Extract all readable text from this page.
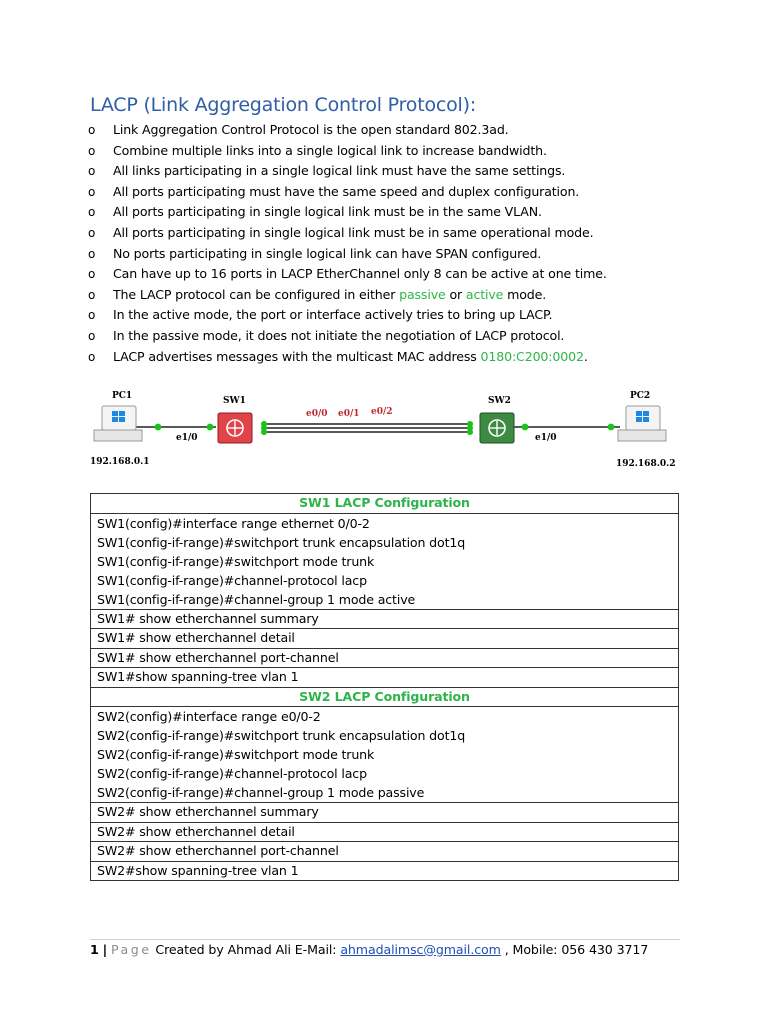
LACP (Link Aggregation Control Protocol):
o Link Aggregation Control Protocol is the open standard 802.3ad.
o Combine multiple links into a single logical link to increase bandwidth.
o All links participating in a single logical link must have the same settings.
o All ports participating must have the same speed and duplex configuration.
o All ports participating in single logical link must be in the same VLAN.
o All ports participating in single logical link must be in same operational mode.
o No ports participating in single logical link can have SPAN configured.
o Can have up to 16 ports in LACP EtherChannel only 8 can be active at one time.
o The LACP protocol can be configured in either passive or active mode.
o In the active mode, the port or interface actively tries to bring up LACP.
o In the passive mode, it does not initiate the negotiation of LACP protocol.
o LACP advertises messages with the multicast MAC address 0180:C200:0002.
PC1
192.168.0.1
e1/0
SW1
e0/0 e0/1 e0/2
SW2
e1/0
PC2
192.168.0.2
SW1 LACP Configuration

SW1(config)#interface range ethernet 0/0-2
SW1(config-if-range)#switchport trunk encapsulation dot1q
SW1(config-if-range)#switchport mode trunk
SW1(config-if-range)#channel-protocol lacp
SW1(config-if-range)#channel-group 1 mode active

SW1# show etherchannel summary
SW1# show etherchannel detail
SW1# show etherchannel port-channel
SW1#show spanning-tree vlan 1
SW2 LACP Configuration

SW2(config)#interface range e0/0-2
SW2(config-if-range)#switchport trunk encapsulation dot1q
SW2(config-if-range)#switchport mode trunk
SW2(config-if-range)#channel-protocol lacp
SW2(config-if-range)#channel-group 1 mode passive

SW2# show etherchannel summary
SW2# show etherchannel detail
SW2# show etherchannel port-channel
SW2#show spanning-tree vlan 1
1 | Page Created by Ahmad Ali E-Mail: ahmadalimsc@gmail.com , Mobile: 056 430 3717
